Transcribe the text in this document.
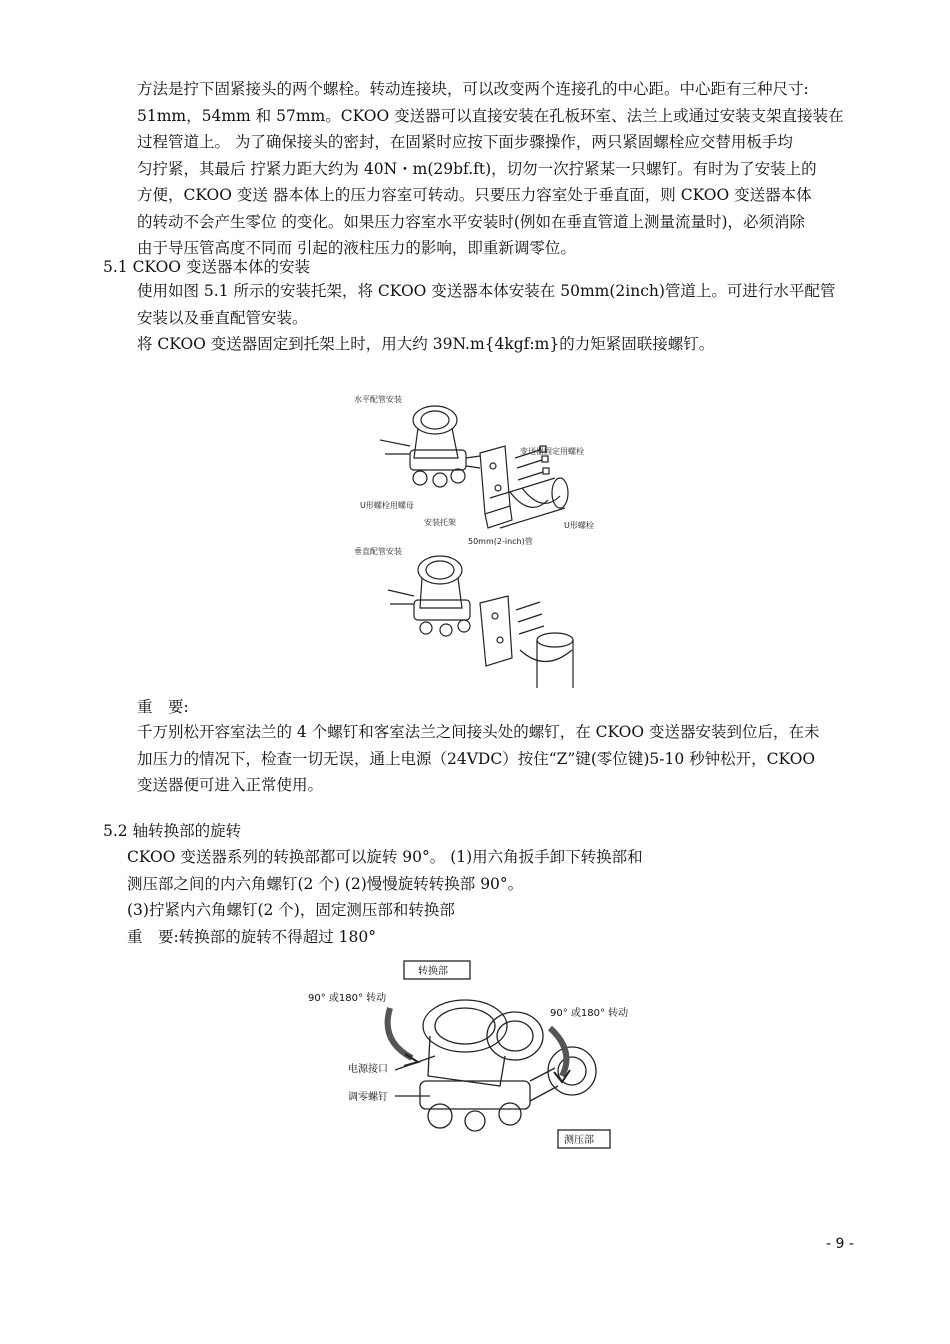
方法是拧下固紧接头的两个螺栓。转动连接块，可以改变两个连接孔的中心距。中心距有三种尺寸:
51mm，54mm 和 57mm。CKOO 变送器可以直接安装在孔板环室、法兰上或通过安装支架直接装在
过程管道上。 为了确保接头的密封，在固紧时应按下面步骤操作，两只紧固螺栓应交替用板手均
匀拧紧，其最后 拧紧力距大约为 40N・m(29bf.ft)，切勿一次拧紧某一只螺钉。有时为了安装上的
方便，CKOO 变送 器本体上的压力容室可转动。只要压力容室处于垂直面，则 CKOO 变送器本体
的转动不会产生零位 的变化。如果压力容室水平安装时(例如在垂直管道上测量流量时)，必须消除
由于导压管高度不同而 引起的液柱压力的影响，即重新调零位。
5.1 CKOO 变送器本体的安装
使用如图 5.1 所示的安装托架，将 CKOO 变送器本体安装在 50mm(2inch)管道上。可进行水平配管
安装以及垂直配管安装。
将 CKOO 变送器固定到托架上时，用大约 39N.m{4kgf:m}的力矩紧固联接螺钉。
水平配管安装
变送器固定用螺栓
U形螺栓用螺母
安装托架	U形螺栓
50mm(2-inch)管
垂直配管安装
重　要:
千万别松开容室法兰的 4 个螺钉和客室法兰之间接头处的螺钉，在 CKOO 变送器安装到位后，在未
加压力的情况下，检查一切无误，通上电源（24VDC）按住“Z”键(零位键)5-10 秒钟松开，CKOO
变送器便可进入正常使用。
5.2 轴转换部的旋转
CKOO 变送器系列的转换部都可以旋转 90°。 (1)用六角扳手卸下转换部和
测压部之间的内六角螺钉(2 个) (2)慢慢旋转转换部 90°。
(3)拧紧内六角螺钉(2 个)，固定测压部和转换部
重　要:转换部的旋转不得超过 180°
转换部
90° 或180° 转动
90° 或180° 转动
电源接口
调零螺钉
测压部
- 9 -
